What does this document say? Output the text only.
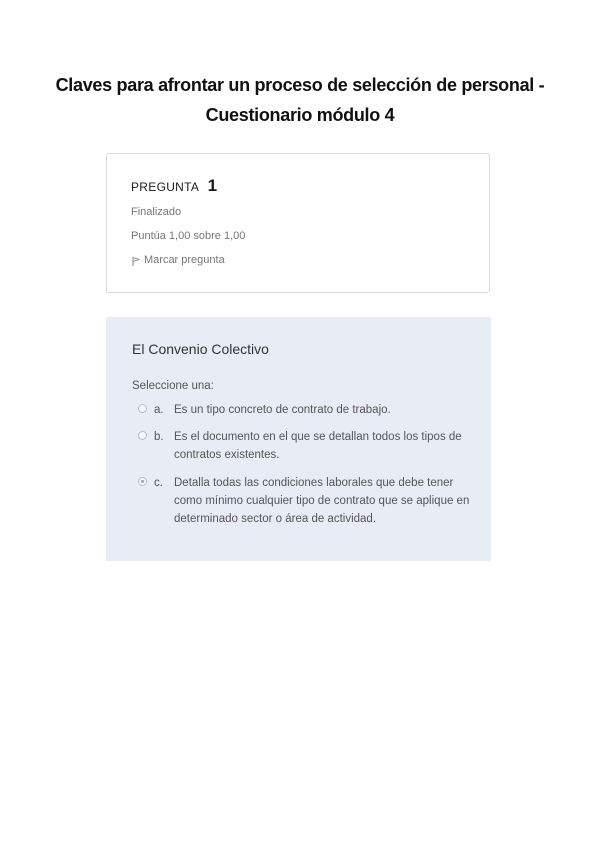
Claves para afrontar un proceso de selección de personal -
Cuestionario módulo 4
PREGUNTA 1
Finalizado
Puntúa 1,00 sobre 1,00
Marcar pregunta
El Convenio Colectivo
Seleccione una:
a. Es un tipo concreto de contrato de trabajo.
b. Es el documento en el que se detallan todos los tipos de contratos existentes.
c. Detalla todas las condiciones laborales que debe tener como mínimo cualquier tipo de contrato que se aplique en determinado sector o área de actividad.
